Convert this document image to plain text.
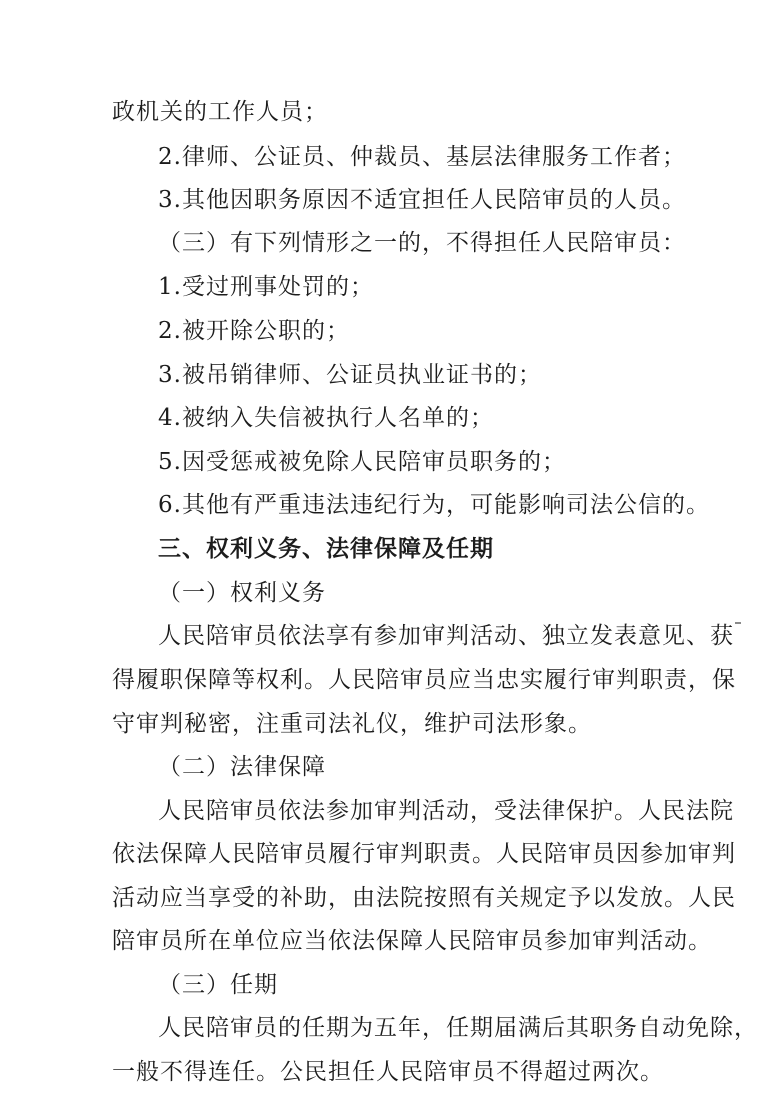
政机关的工作人员；
2.律师、公证员、仲裁员、基层法律服务工作者；
3.其他因职务原因不适宜担任人民陪审员的人员。
（三）有下列情形之一的，不得担任人民陪审员：
1.受过刑事处罚的；
2.被开除公职的；
3.被吊销律师、公证员执业证书的；
4.被纳入失信被执行人名单的；
5.因受惩戒被免除人民陪审员职务的；
6.其他有严重违法违纪行为，可能影响司法公信的。
三、权利义务、法律保障及任期
（一）权利义务
人民陪审员依法享有参加审判活动、独立发表意见、获
得履职保障等权利。人民陪审员应当忠实履行审判职责，保
守审判秘密，注重司法礼仪，维护司法形象。
（二）法律保障
人民陪审员依法参加审判活动，受法律保护。人民法院
依法保障人民陪审员履行审判职责。人民陪审员因参加审判
活动应当享受的补助，由法院按照有关规定予以发放。人民
陪审员所在单位应当依法保障人民陪审员参加审判活动。
（三）任期
人民陪审员的任期为五年，任期届满后其职务自动免除，
一般不得连任。公民担任人民陪审员不得超过两次。
